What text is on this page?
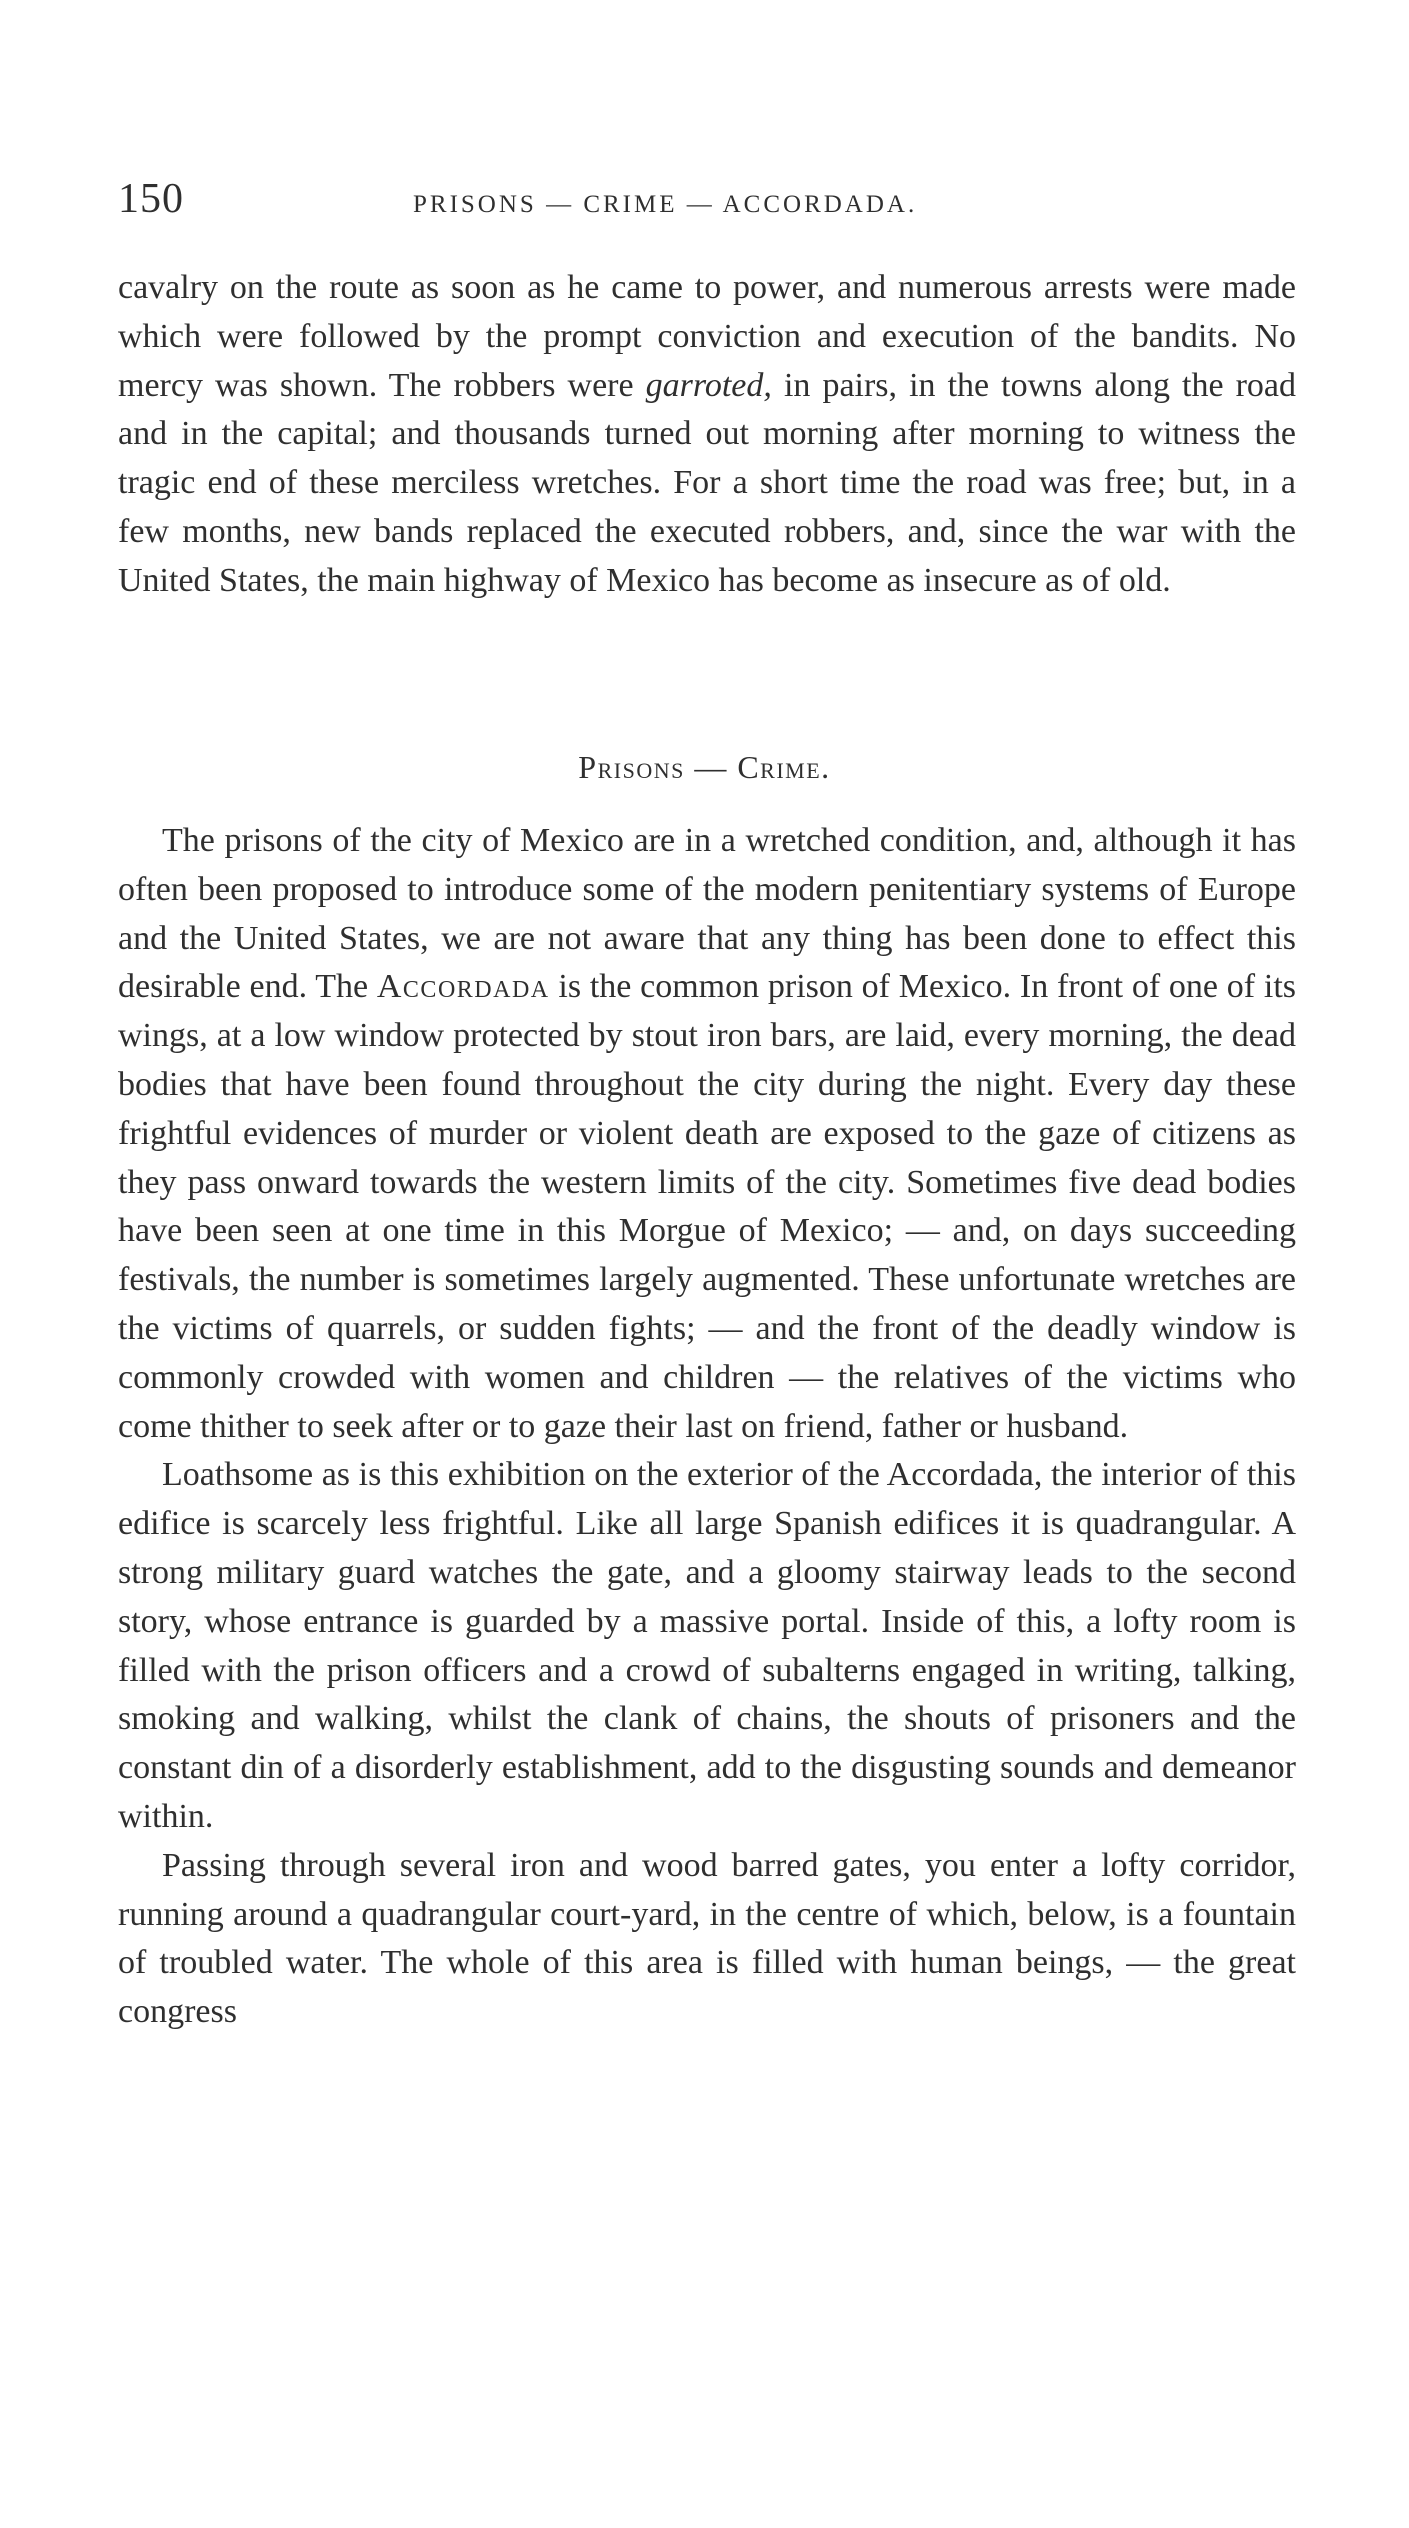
150	PRISONS — CRIME — ACCORDADA.

cavalry on the route as soon as he came to power, and numerous arrests were made which were followed by the prompt conviction and execution of the bandits. No mercy was shown. The robbers were garroted, in pairs, in the towns along the road and in the capital; and thousands turned out morning after morning to witness the tragic end of these merciless wretches. For a short time the road was free; but, in a few months, new bands replaced the executed robbers, and, since the war with the United States, the main highway of Mexico has become as insecure as of old.

Prisons — Crime.

The prisons of the city of Mexico are in a wretched condition, and, although it has often been proposed to introduce some of the modern penitentiary systems of Europe and the United States, we are not aware that any thing has been done to effect this desirable end. The Accordada is the common prison of Mexico. In front of one of its wings, at a low window protected by stout iron bars, are laid, every morning, the dead bodies that have been found throughout the city during the night. Every day these frightful evidences of murder or violent death are exposed to the gaze of citizens as they pass onward towards the western limits of the city. Sometimes five dead bodies have been seen at one time in this Morgue of Mexico; — and, on days succeeding festivals, the number is sometimes largely augmented. These unfortunate wretches are the victims of quarrels, or sudden fights; — and the front of the deadly window is commonly crowded with women and children — the relatives of the victims who come thither to seek after or to gaze their last on friend, father or husband.

Loathsome as is this exhibition on the exterior of the Accordada, the interior of this edifice is scarcely less frightful. Like all large Spanish edifices it is quadrangular. A strong military guard watches the gate, and a gloomy stairway leads to the second story, whose entrance is guarded by a massive portal. Inside of this, a lofty room is filled with the prison officers and a crowd of subalterns engaged in writing, talking, smoking and walking, whilst the clank of chains, the shouts of prisoners and the constant din of a disorderly establishment, add to the disgusting sounds and demeanor within.

Passing through several iron and wood barred gates, you enter a lofty corridor, running around a quadrangular court-yard, in the centre of which, below, is a fountain of troubled water. The whole of this area is filled with human beings, — the great congress
